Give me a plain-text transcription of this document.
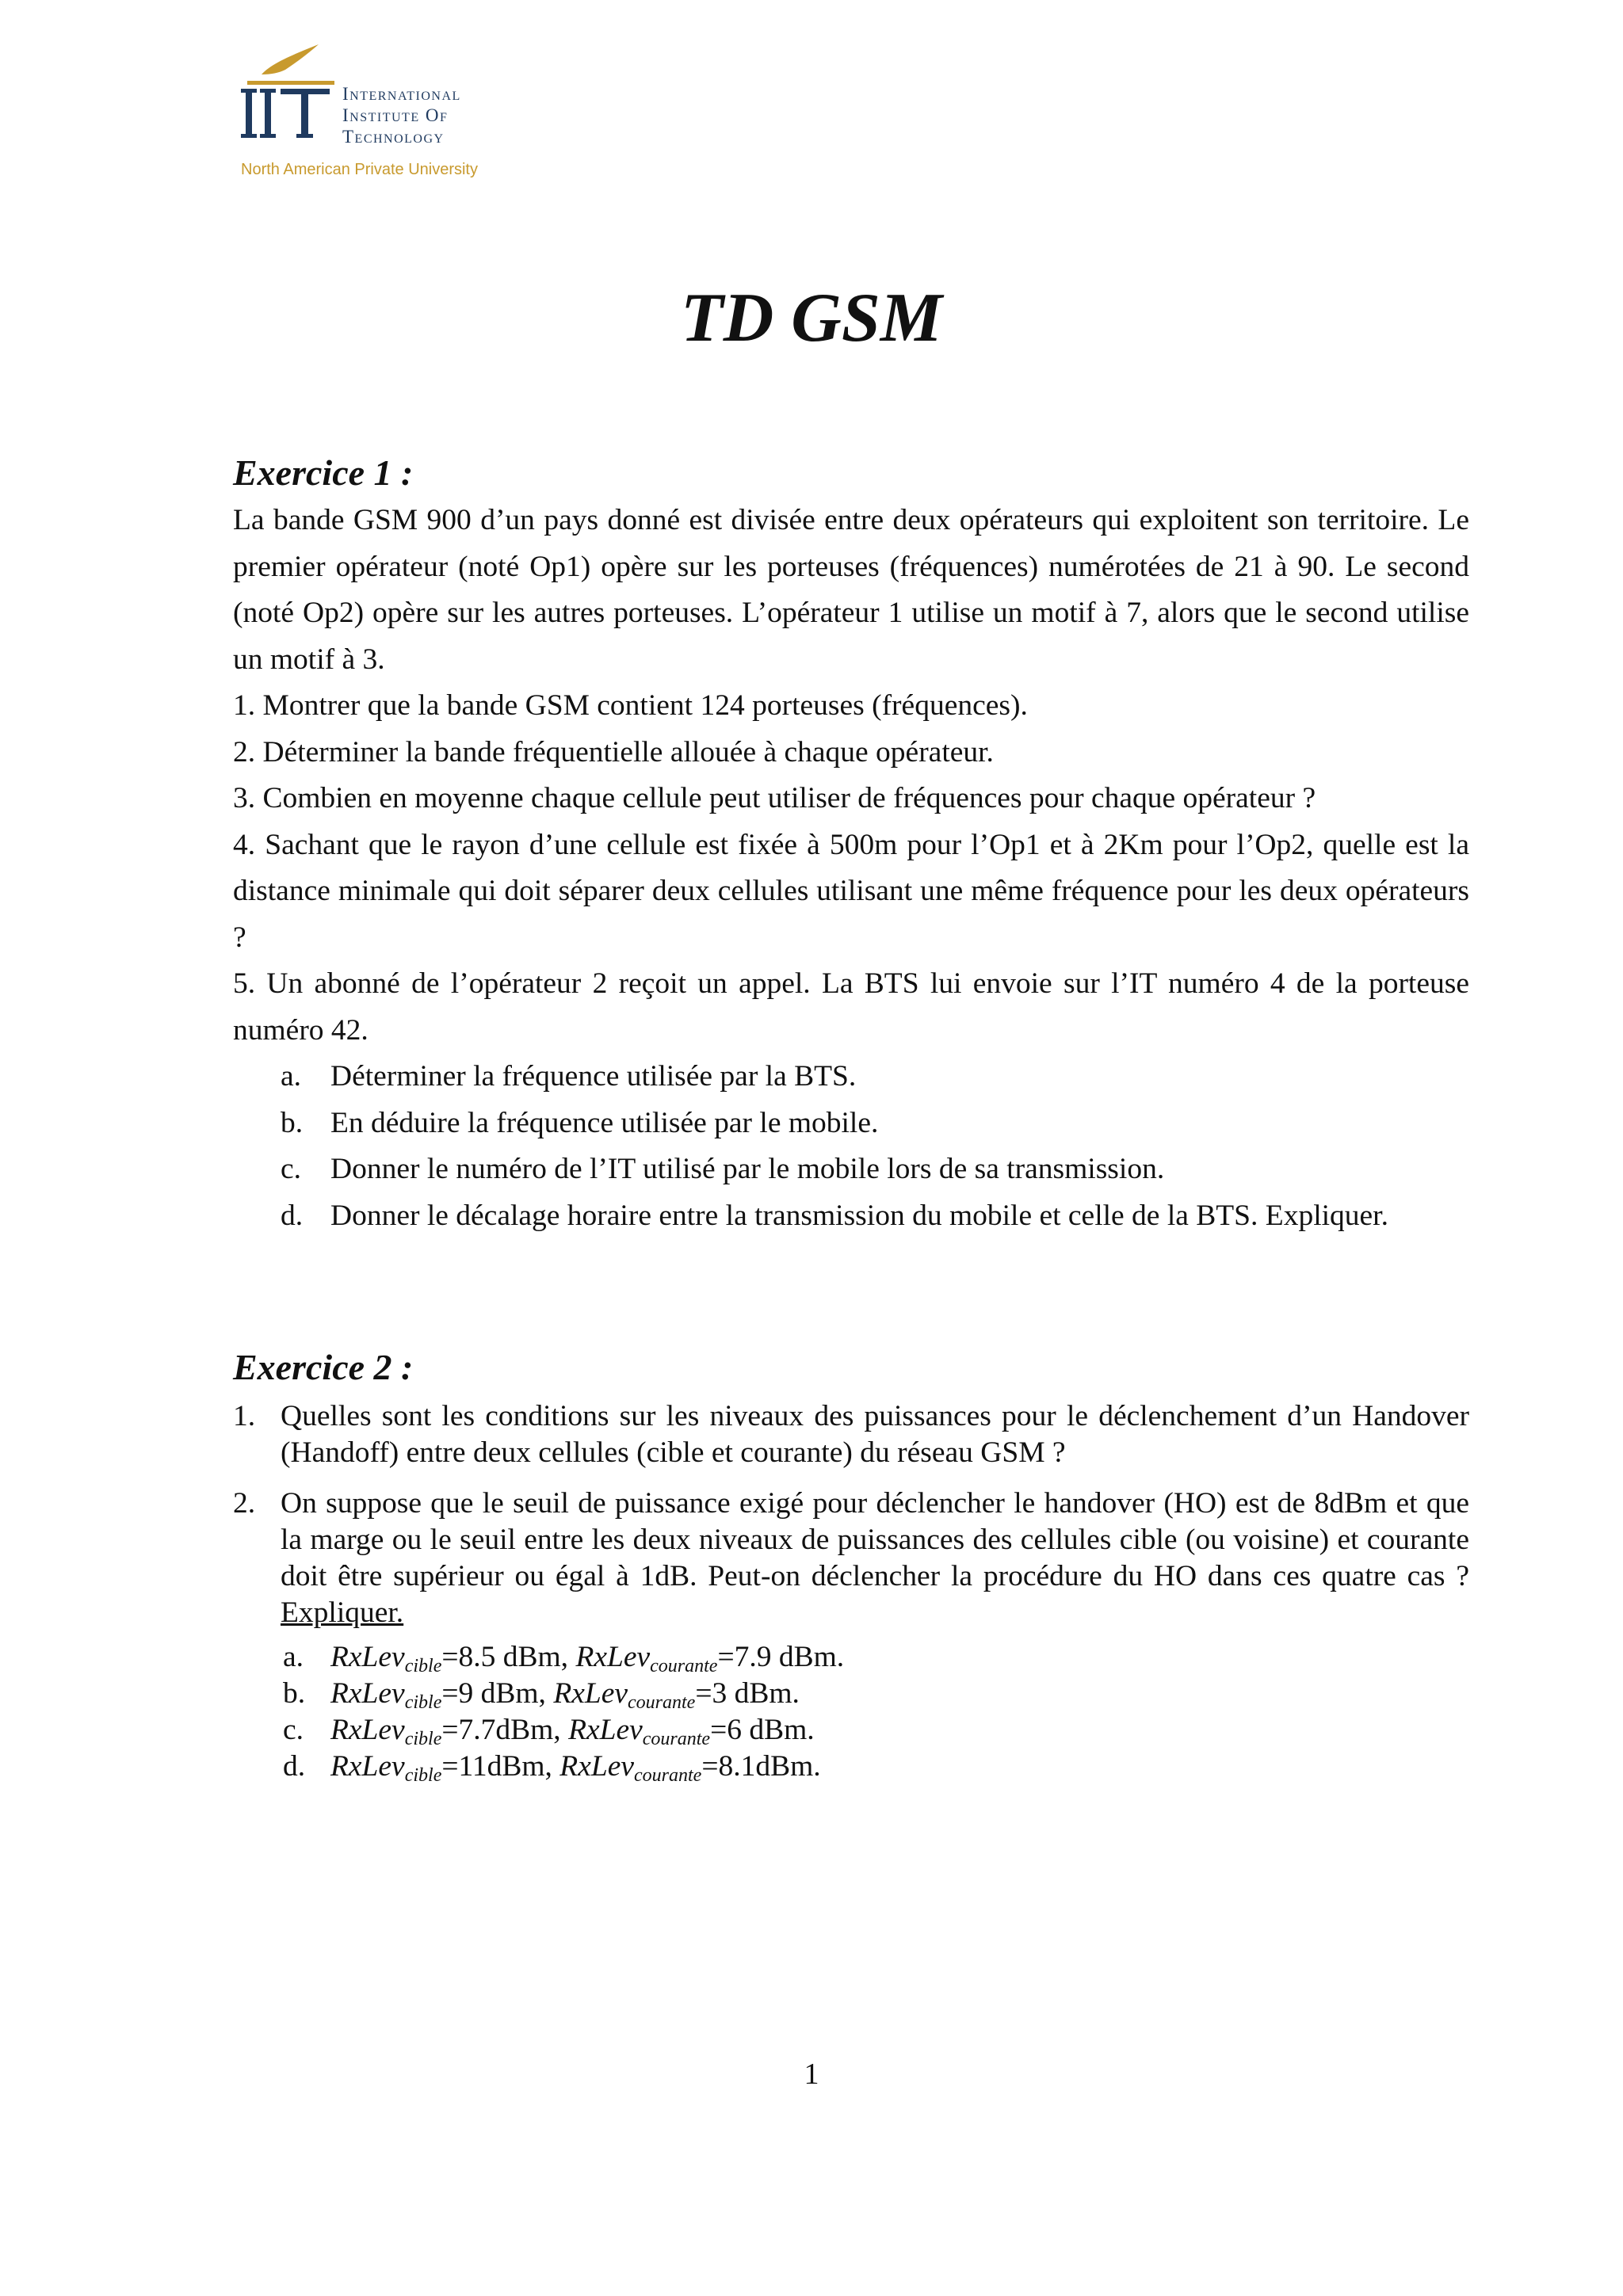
International
Institute Of
Technology
North American Private University
TD GSM
Exercice 1 :
La bande GSM 900 d’un pays donné est divisée entre deux opérateurs qui exploitent son territoire. Le premier opérateur (noté Op1) opère sur les porteuses (fréquences) numérotées de 21 à 90. Le second (noté Op2) opère sur les autres porteuses. L’opérateur 1 utilise un motif à 7, alors que le second utilise un motif à 3.
1. Montrer que la bande GSM contient 124 porteuses (fréquences).
2. Déterminer la bande fréquentielle allouée à chaque opérateur.
3. Combien en moyenne chaque cellule peut utiliser de fréquences pour chaque opérateur ?
4. Sachant que le rayon d’une cellule est fixée à 500m pour l’Op1 et à 2Km pour l’Op2, quelle est la distance minimale qui doit séparer deux cellules utilisant une même fréquence pour les deux opérateurs ?
5. Un abonné de l’opérateur 2 reçoit un appel. La BTS lui envoie sur l’IT numéro 4 de la porteuse numéro 42.
a. Déterminer la fréquence utilisée par la BTS.
b. En déduire la fréquence utilisée par le mobile.
c. Donner le numéro de l’IT utilisé par le mobile lors de sa transmission.
d. Donner le décalage horaire entre la transmission du mobile et celle de la BTS. Expliquer.
Exercice 2 :
1. Quelles sont les conditions sur les niveaux des puissances pour le déclenchement d’un Handover (Handoff) entre deux cellules (cible et courante) du réseau GSM ?
2. On suppose que le seuil de puissance exigé pour déclencher le handover (HO) est de 8dBm et que la marge ou le seuil entre les deux niveaux de puissances des cellules cible (ou voisine) et courante doit être supérieur ou égal à 1dB. Peut-on déclencher la procédure du HO dans ces quatre cas ? Expliquer.
a. RxLev$_{cible}$=8.5 dBm, RxLev$_{courante}$=7.9 dBm.
b. RxLev$_{cible}$=9 dBm, RxLev$_{courante}$=3 dBm.
c. RxLev$_{cible}$=7.7dBm, RxLev$_{courante}$=6 dBm.
d. RxLev$_{cible}$=11dBm, RxLev$_{courante}$=8.1dBm.
1
